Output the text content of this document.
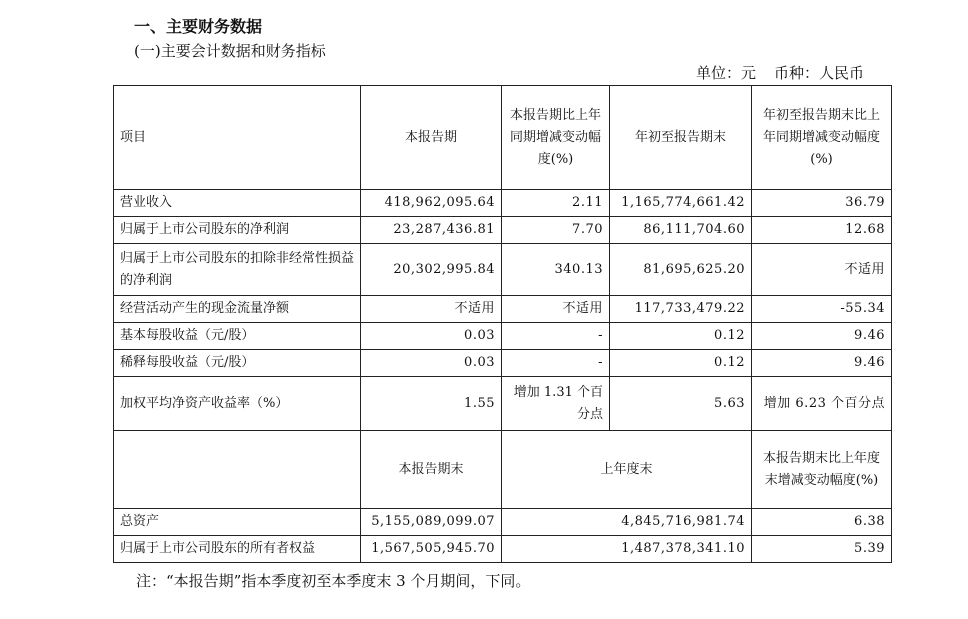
一、主要财务数据
(一)主要会计数据和财务指标
单位：元 币种：人民币
项目	本报告期	本报告期比上年同期增减变动幅度(%)	年初至报告期末	年初至报告期末比上年同期增减变动幅度(%)
营业收入	418,962,095.64	2.11	1,165,774,661.42	36.79
归属于上市公司股东的净利润	23,287,436.81	7.70	86,111,704.60	12.68
归属于上市公司股东的扣除非经常性损益的净利润	20,302,995.84	340.13	81,695,625.20	不适用
经营活动产生的现金流量净额	不适用	不适用	117,733,479.22	-55.34
基本每股收益（元/股）	0.03	-	0.12	9.46
稀释每股收益（元/股）	0.03	-	0.12	9.46
加权平均净资产收益率（%）	1.55	增加 1.31 个百分点	5.63	增加 6.23 个百分点
	本报告期末	上年度末		本报告期末比上年度末增减变动幅度(%)
总资产	5,155,089,099.07	4,845,716,981.74		6.38
归属于上市公司股东的所有者权益	1,567,505,945.70	1,487,378,341.10		5.39
注：“本报告期”指本季度初至本季度末 3 个月期间，下同。
